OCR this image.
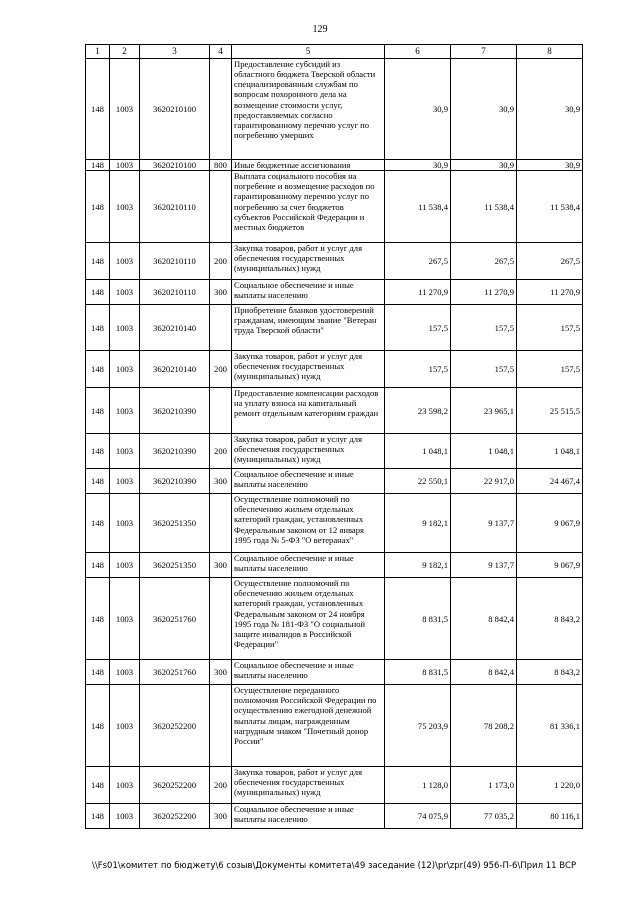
129
1	2	3	4	5	6	7	8
148	1003	3620210100		Предоставление субсидий из областного бюджета Тверской области специализированным службам по вопросам похоронного дела на возмещение стоимости услуг, предоставляемых согласно гарантированному перечню услуг по погребению умерших	30,9	30,9	30,9
148	1003	3620210100	800	Иные бюджетные ассигнования	30,9	30,9	30,9
148	1003	3620210110		Выплата социального пособия на погребение и возмещение расходов по гарантированному перечню услуг по погребению за счет бюджетов субъектов Российской Федерации и местных бюджетов	11 538,4	11 538,4	11 538,4
148	1003	3620210110	200	Закупка товаров, работ и услуг для обеспечения государственных (муниципальных) нужд	267,5	267,5	267,5
148	1003	3620210110	300	Социальное обеспечение и иные выплаты населению	11 270,9	11 270,9	11 270,9
148	1003	3620210140		Приобретение бланков удостоверений гражданам, имеющим звание "Ветеран труда Тверской области"	157,5	157,5	157,5
148	1003	3620210140	200	Закупка товаров, работ и услуг для обеспечения государственных (муниципальных) нужд	157,5	157,5	157,5
148	1003	3620210390		Предоставление компенсации расходов на уплату взноса на капитальный ремонт отдельным категориям граждан	23 598,2	23 965,1	25 515,5
148	1003	3620210390	200	Закупка товаров, работ и услуг для обеспечения государственных (муниципальных) нужд	1 048,1	1 048,1	1 048,1
148	1003	3620210390	300	Социальное обеспечение и иные выплаты населению	22 550,1	22 917,0	24 467,4
148	1003	3620251350		Осуществление полномочий по обеспечению жильем отдельных категорий граждан, установленных Федеральным законом от 12 января 1995 года № 5-ФЗ "О ветеранах"	9 182,1	9 137,7	9 067,9
148	1003	3620251350	300	Социальное обеспечение и иные выплаты населению	9 182,1	9 137,7	9 067,9
148	1003	3620251760		Осуществление полномочий по обеспечению жильем отдельных категорий граждан, установленных Федеральным законом от 24 ноября 1995 года № 181-ФЗ "О социальной защите инвалидов в Российской Федерации"	8 831,5	8 842,4	8 843,2
148	1003	3620251760	300	Социальное обеспечение и иные выплаты населению	8 831,5	8 842,4	8 843,2
148	1003	3620252200		Осуществление переданного полномочия Российской Федерации по осуществлению ежегодной денежной выплаты лицам, награжденным нагрудным знаком "Почетный донор России"	75 203,9	78 208,2	81 336,1
148	1003	3620252200	200	Закупка товаров, работ и услуг для обеспечения государственных (муниципальных) нужд	1 128,0	1 173,0	1 220,0
148	1003	3620252200	300	Социальное обеспечение и иные выплаты населению	74 075,9	77 035,2	80 116,1
\\Fs01\комитет по бюджету\6 созыв\Документы комитета\49 заседание (12)\pr\zpr(49) 956-П-6\Прил 11 ВСР
